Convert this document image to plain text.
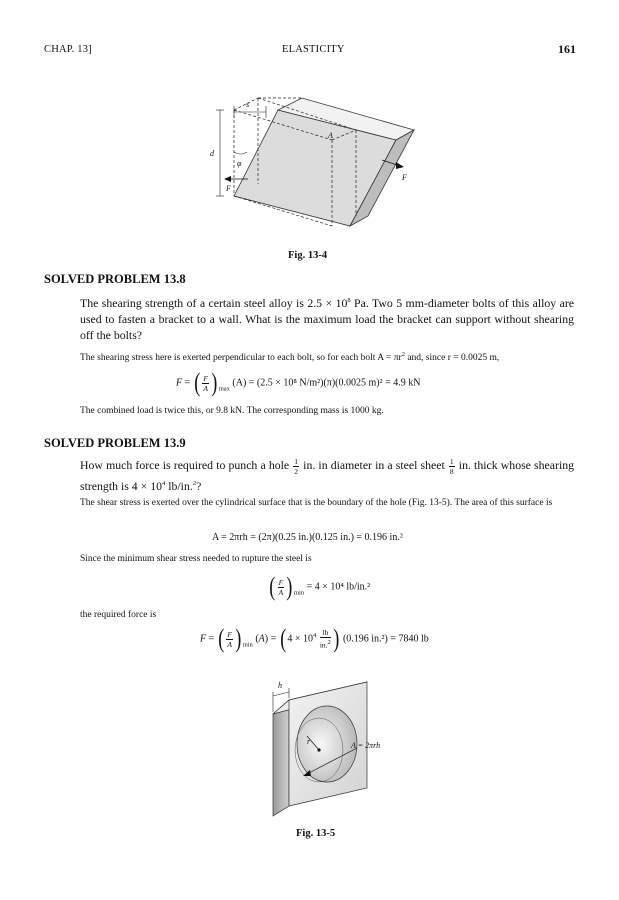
CHAP. 13]	ELASTICITY	161
s
d
φ
A
F
F
Fig. 13-4
SOLVED PROBLEM 13.8
The shearing strength of a certain steel alloy is $2.5 \times 10^8$ Pa. Two 5 mm-diameter bolts of this alloy are used to fasten a bracket to a wall. What is the maximum load the bracket can support without shearing off the bolts?
The shearing stress here is exerted perpendicular to each bolt, so for each bolt $A = \pi r^2$ and, since r = 0.0025 m,
F = ( $\frac{F}{A} )_{max}$ (A) = (2.5 × 10⁸ N/m²)(π)(0.0025 m)² = 4.9 kN
The combined load is twice this, or 9.8 kN. The corresponding mass is 1000 kg.
SOLVED PROBLEM 13.9
How much force is required to punch a hole $\frac{1}{2}$ in. in diameter in a steel sheet $\frac{1}{8}$ in. thick whose shearing strength is $4 \times 10^4$ lb/in.$^2$?
The shear stress is exerted over the cylindrical surface that is the boundary of the hole (Fig. 13-5). The area of this surface is
A = 2πrh = (2π)(0.25 in.)(0.125 in.) = 0.196 in.²
Since the minimum shear stress needed to rupture the steel is
( $\frac{F}{A} )_{min} = 4 \times 10^4$ lb/in.²
the required force is
F = ( $\frac{F}{A} )_{min}$ $(A) = (4 \times 10^4 \frac{lb}{in.^2}$ ) (0.196 in.²) = 7840 lb
h
r	A = 2πrh
Fig. 13-5
